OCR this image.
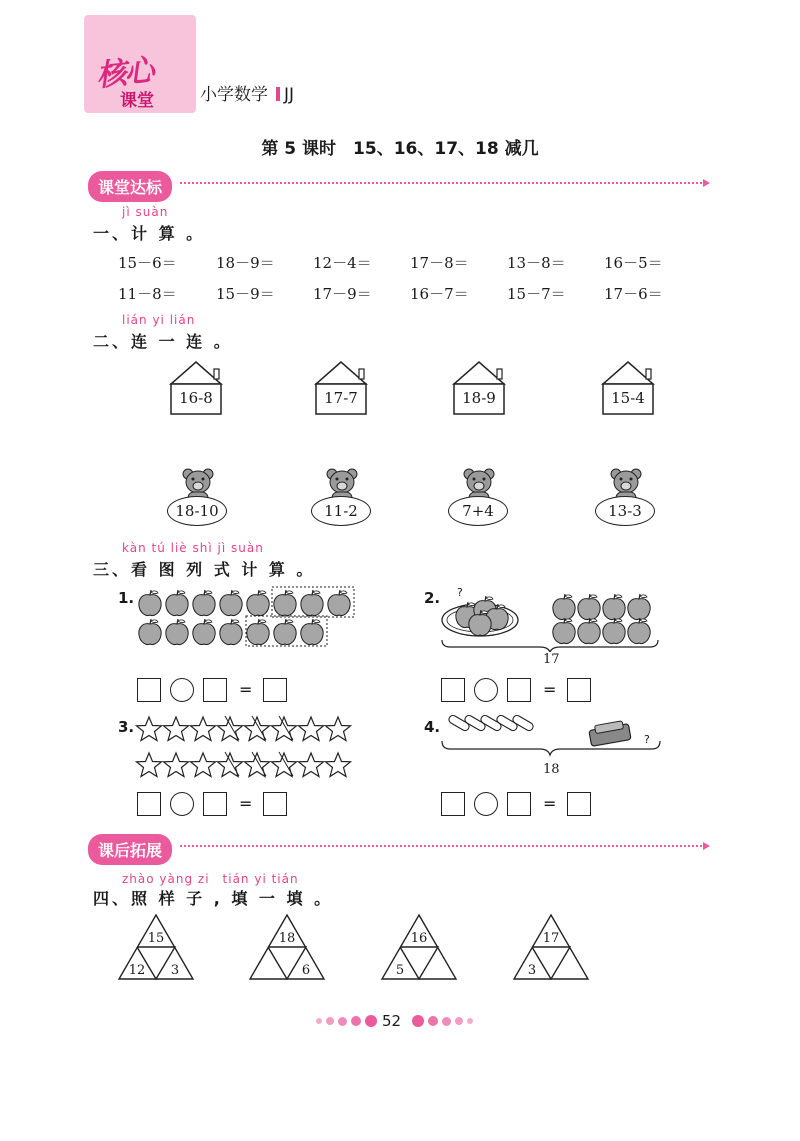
核心
课堂	小学数学 JJ
第 5 课时　15、16、17、18 减几
课堂达标
jì suàn
一、计 算 。
15－6＝	18－9＝	12－4＝	17－8＝	13－8＝	16－5＝
11－8＝	15－9＝	17－9＝	16－7＝	15－7＝	17－6＝
lián yi lián
二、连 一 连 。
16-8	17-7	18-9	15-4
18-10	11-2	7+4	13-3
kàn tú liè shì jì suàn
三、看 图 列 式 计 算 。
1.	2. ?
17
=	=
3.	4.
?
18
=	=
课后拓展
zhào yàng zi　tián yi tián
四、照 样 子 , 填 一 填 。
15
12	3
18
6
16
5
17
3
52
